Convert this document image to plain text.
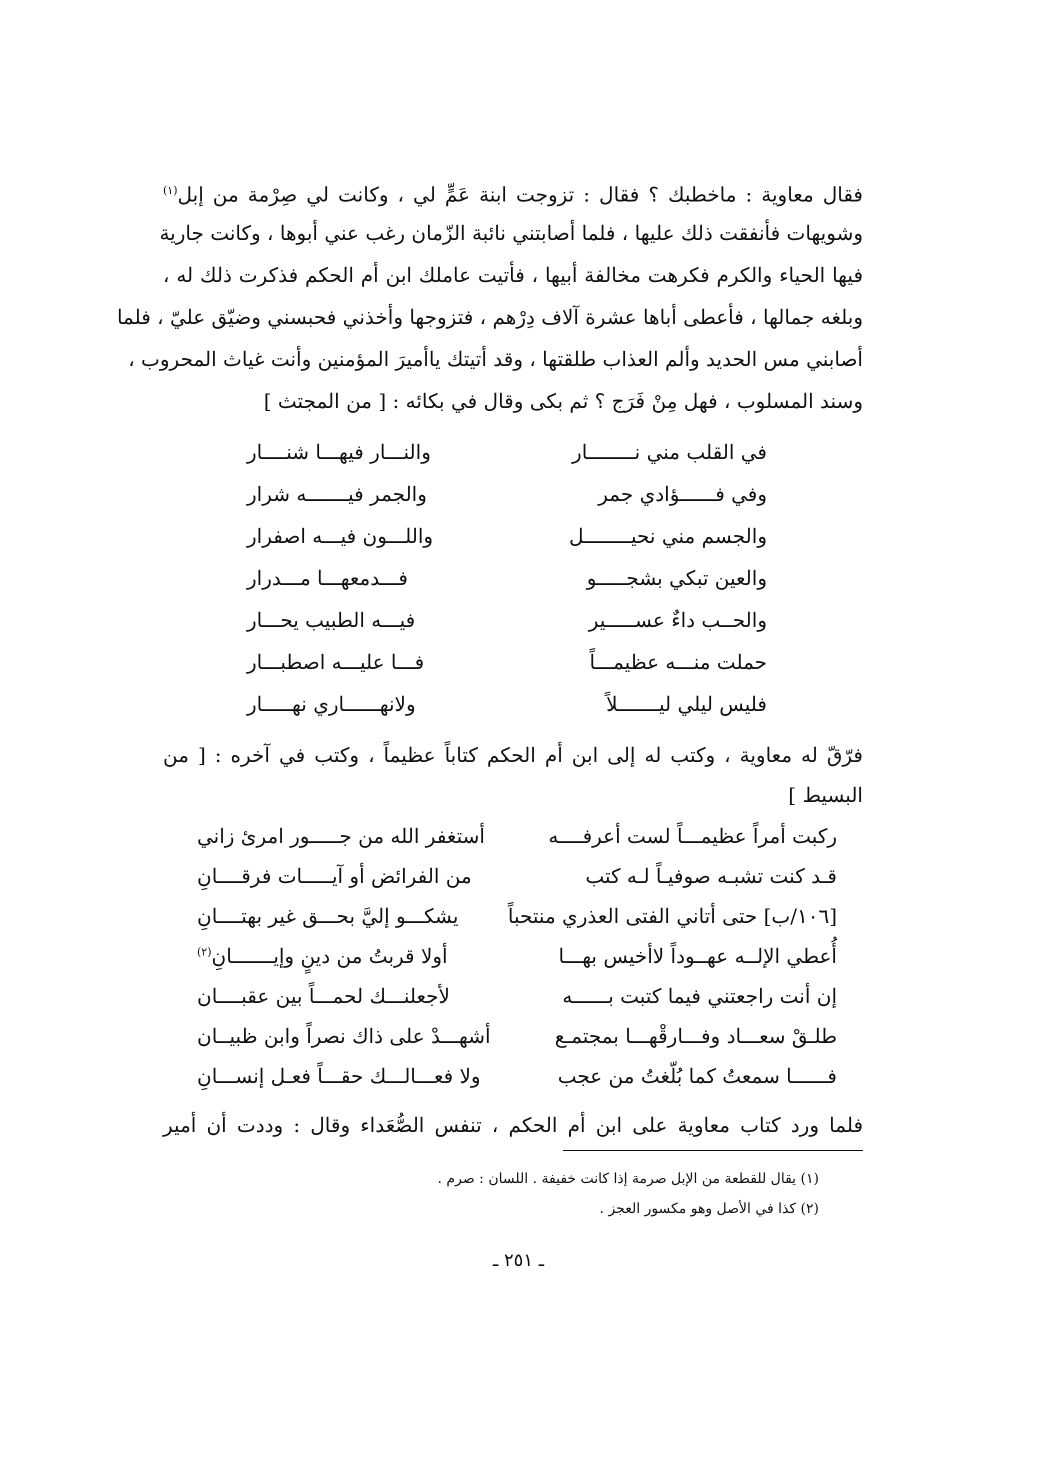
فقال معاوية : ماخطبك ؟ فقال : تزوجت ابنة عَمٍّ لي ، وكانت لي صِرْمة من إبل$^{(١)}$
وشويهات فأنفقت ذلك عليها ، فلما أصابتني نائبة الزّمان رغب عني أبوها ، وكانت جارية
فيها الحياء والكرم فكرهت مخالفة أبيها ، فأتيت عاملك ابن أم الحكم فذكرت ذلك له ،
وبلغه جمالها ، فأعطى أباها عشرة آلاف دِرْهم ، فتزوجها وأخذني فحبسني وضيّق عليّ ، فلما
أصابني مس الحديد وألم العذاب طلقتها ، وقد أتيتك ياأميرَ المؤمنين وأنت غياث المحروب ،
وسند المسلوب ، فهل مِنْ فَرَج ؟ ثم بكى وقال في بكائه : [ من المجتث ]
في القلب مني نــــــــار
والنـــار فيهـــا شنــــار
وفي فــــــؤادي جمر
والجمر فيـــــــه شرار
والجسم مني نحيــــــــل
واللـــون فيـــه اصفرار
والعين تبكي بشجـــــو
فـــدمعهـــا مـــدرار
والحــب داءٌ عســـــير
فيـــه الطبيب يحـــار
حملت منـــه عظيمـــاً
فـــا عليـــه اصطبـــار
فليس ليلي ليـــــــلاً
ولانهــــــاري نهـــــار
فرّقّ له معاوية ، وكتب له إلى ابن أم الحكم كتاباً عظيماً ، وكتب في آخره : [ من
البسيط ]
ركبت أمراً عظيمـــاً لست أعرفــــه
أستغفر الله من جـــــور امرئ زاني
قـد كنت تشبـه صوفيـاً لـه كتب
من الفرائض أو آيـــــات فرقــــانِ
[١٠٦/ب] حتى أتاني الفتى العذري منتحباً
يشكـــو إليَّ بحـــق غير بهتــــانِ
أُعطي الإلــه عهــوداً لاأخيس بهـــا
أولا قربتُ من دينٍ وإيـــــــانِ$^{(٢)}$
إن أنت راجعتني فيما كتبت بــــــه
لأجعلنـــك لحمـــاً بين عقبــــان
طلـقْ سعـــاد وفـــارقْهـــا بمجتمـع
أشهـــدْ على ذاك نصراً وابن ظبيــان
فــــــا سمعتُ كما بُلّغتُ من عجب
ولا فعـــالـــك حقـــاً فعـل إنســـانِ
فلما ورد كتاب معاوية على ابن أم الحكم ، تنفس الصُّعَداء وقال : وددت أن أمير
(١) يقال للقطعة من الإبل صرمة إذا كانت خفيفة . اللسان : صرم .
(٢) كذا في الأصل وهو مكسور العجز .
ـ ٢٥١ ـ
